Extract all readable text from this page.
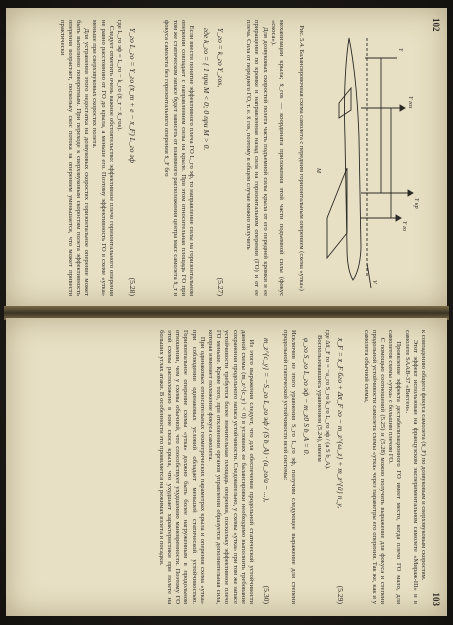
102
Y гоs
Y кр
Y го
Y
V
M
Рис. 5.4. Балансировочная схема самолета с передним горизонтальным оперением (схема «утка»)
механизации крыла; x̄_гоs — координата приложения этой части подъемной силы (фокус «скоса»).
Для дозвуковых скоростей полета часть подъемной силы крыла от его передней кромки и ее приращение по кромке и направленная назад сила на горизонтальном оперении (ГО) и от ее плеча. Сила от переднего ГО, т. е. x̄ гоs, поэтому в общем случае можно получить
Y_го = k_го Y_гоs,
(5.27)
где k_го = { 1 при M < 0; 0 при M > 0.
Если ввести понятие эффективного плеча ГО L_го эф, то направление силы на горизонтальном оперении совпадает с направлением силы на крыле. При этом относительная площадь ГО при том же статическом запасе будет зависеть от взаимного расположения центра масс самолета x̄_т и фокуса самолета без горизонтального оперения x̄_F бго
Y_го L_го = Y_го (x̄_т + e − x̄_F) L_го эф
(5.28)
где L_го эф = L_го − k_го (x̄_т − x̄_гоs).
Следует отметить очень важное обстоятельство: эффективное плечо горизонтального оперения не равно расстоянию от ГО до крыла, а меньше его. Поэтому эффективность ГО в схеме «утка» меньше при сверхзвуковых скоростях полета.
Для устранения этого недостатка на дозвуковых скоростях горизонтальное оперение может быть выполнено поворотным. При переходе к сверхзвуковым скоростям полета эффективность оперения возрастает, поскольку скос потока за оперением уменьшается, что может привести практически
103
к совпадению общего фокуса самолета (x̄_F) по дозвуковым и сверхзвуковым скоростям.
Этот эффект использован на французском экспериментальном самолете «Мираж-III» и в самолете SAAB-37 «Вигген».
Проявление эффекта дестабилизационного ГО имеет место, когда плечо ГО мало, для самолетов схемы «утка» с большим плечом ГО.
С помощью соотношений (5.25) и (5.28) можно получить выражение для фокуса и степени продольной устойчивости самолета схемы «утка» через параметры его оперения. Так же, как и у самолета обычной схемы,
x̄_F = x̄_F бго + Δx̄_F го − m_z^{ω_z} + m_z^{ᾱ} n_y,
(5.29)
где Δx̄_F го = −a_го S_го k_го L_го эф / (a S b_A).
Воспользовавшись уравнением (5.24), имеем
φ_го S_го L_го эф − m_z0 S b_A = 0.
Исключив из этого уравнения S_го L_го эф, получим следующее выражение для степени продольной статической устойчивости всей системы:
m_z^{c_y} = −S_го L_го эф / (S b_A) · (a_го/a − ...),
(5.30)
Из этого выражения следует, что для обеспечения продольной статической устойчивости данной схемы (m_z^{c_y} < 0) в условиях ее балансировки необходимо выполнить требование сохранения продольного запаса устойчивости. Следовательно, у схемы «утка» при том же запасе устойчивости требуется более значительная площадь оперения, поскольку эффективное плечо ГО меньше. Кроме того, при отклонении органов управления образуется дополнительная сила, которая изменяет положение фокуса самолета.
При одинаковых относительных геометрических параметрах крыла и оперения схема «утка» при соблюдении одинаковых условий обладает меньшей статической устойчивостью. Горизонтальное оперение схемы «утка» должно быть более нагруженным в продольном отношении, чем у схемы обычной, что способствует ухудшению маневренности. Поэтому ГО этой схемы расположено в зоне скоса крыла, что ухудшает характеристики при полете на больших углах атаки. В особенности это проявляется на режимах взлета и посадки.
